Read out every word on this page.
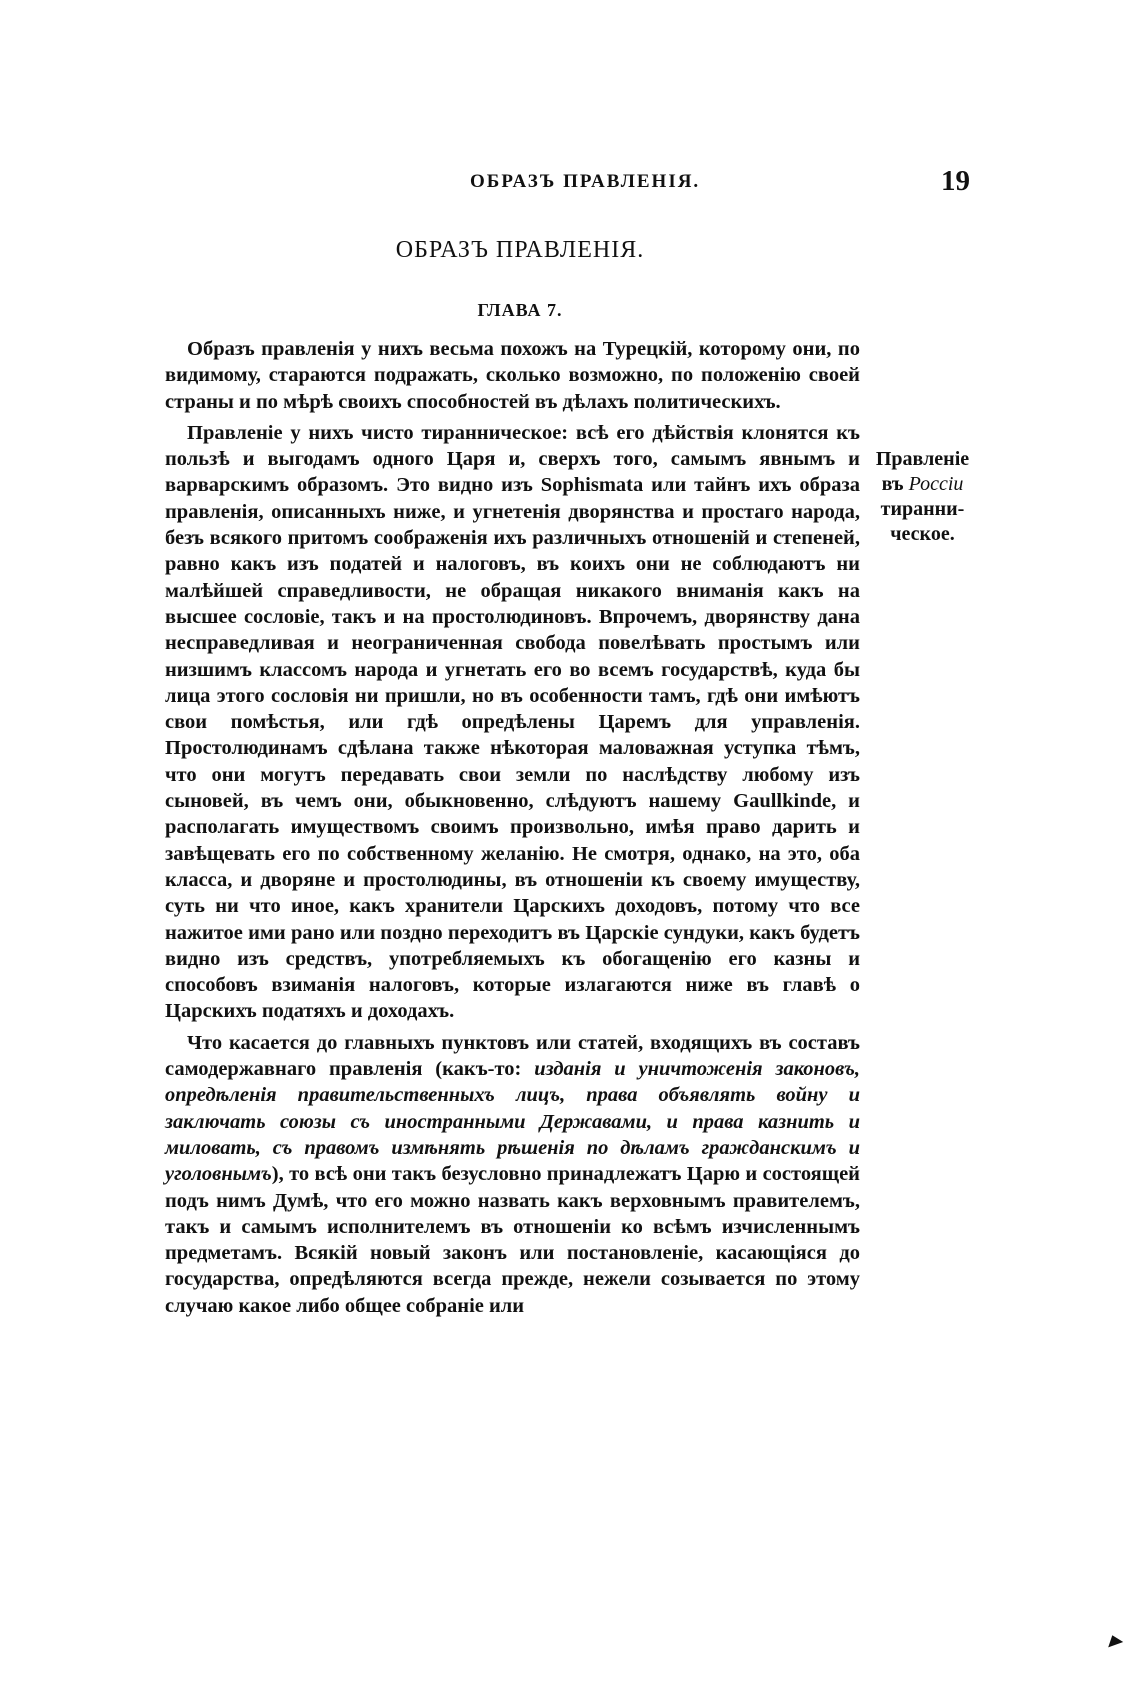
ОБРАЗЪ ПРАВЛЕНІЯ.	19
ОБРАЗЪ ПРАВЛЕНІЯ.
ГЛАВА 7.

Образъ правленія у нихъ весьма похожъ на Турецкій, которому они, по видимому, стараются подражать, сколько возможно, по положенію своей страны и по мѣрѣ своихъ способностей въ дѣлахъ политическихъ.

Правленіе у нихъ чисто тиранническое: всѣ его дѣйствія клонятся къ пользѣ и выгодамъ одного Царя и, сверхъ того, самымъ явнымъ и варварскимъ образомъ. Это видно изъ Sophismata или тайнъ ихъ образа правленія, описанныхъ ниже, и угнетенія дворянства и простаго народа, безъ всякого притомъ соображенія ихъ различныхъ отношеній и степеней, равно какъ изъ податей и налоговъ, въ коихъ они не соблюдаютъ ни малѣйшей справедливости, не обращая никакого вниманія какъ на высшее сословіе, такъ и на простолюдиновъ. Впрочемъ, дворянству дана несправедливая и неограниченная свобода повелѣвать простымъ или низшимъ классомъ народа и угнетать его во всемъ государствѣ, куда бы лица этого сословія ни пришли, но въ особенности тамъ, гдѣ они имѣютъ свои помѣстья, или гдѣ опредѣлены Царемъ для управленія. Простолюдинамъ сдѣлана также нѣкоторая маловажная уступка тѣмъ, что они могутъ передавать свои земли по наслѣдству любому изъ сыновей, въ чемъ они, обыкновенно, слѣдуютъ нашему Gaullkinde, и располагать имуществомъ своимъ произвольно, имѣя право дарить и завѣщевать его по собственному желанію. Не смотря, однако, на это, оба класса, и дворяне и простолюдины, въ отношеніи къ своему имуществу, суть ни что иное, какъ хранители Царскихъ доходовъ, потому что все нажитое ими рано или поздно переходитъ въ Царскіе сундуки, какъ будетъ видно изъ средствъ, употребляемыхъ къ обогащенію его казны и способовъ взиманія налоговъ, которые излагаются ниже въ главѣ о Царскихъ податяхъ и доходахъ.

Что касается до главныхъ пунктовъ или статей, входящихъ въ составъ самодержавнаго правленія (какъ-то: изданія и уничтоженія законовъ, опредѣленія правительственныхъ лицъ, права объявлять войну и заключать союзы съ иностранными Державами, и права казнить и миловать, съ правомъ измѣнять рѣшенія по дѣламъ гражданскимъ и уголовнымъ), то всѣ они такъ безусловно принадлежатъ Царю и состоящей подъ нимъ Думѣ, что его можно назвать какъ верховнымъ правителемъ, такъ и самымъ исполнителемъ въ отношеніи ко всѣмъ изчисленнымъ предметамъ. Всякій новый законъ или постановленіе, касающіяся до государства, опредѣляются всегда прежде, нежели созывается по этому случаю какое либо общее собраніе или

Правленіе
въ Россіи
тиранни-
ческое.
